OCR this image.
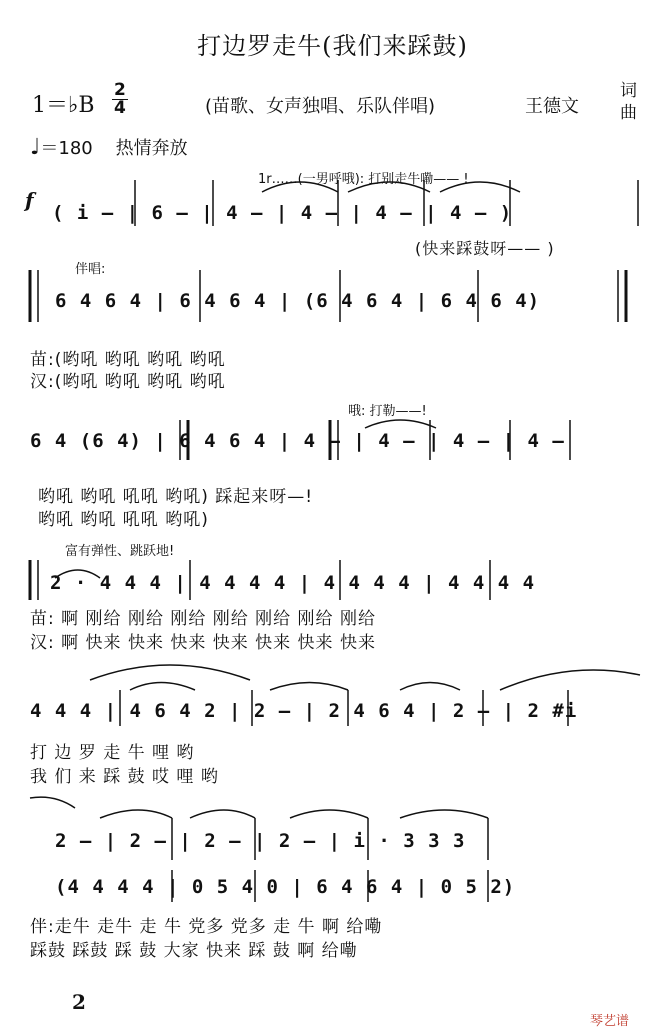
打边罗走牛(我们来踩鼓)
1＝♭B
2
4	(苗歌、女声独唱、乐队伴唱)	王德文
词
曲
♩＝180 热情奔放
f
1r……(一男呼哦): 打别走牛嘞—— !
( i — | 6 — | 4 — | 4 — | 4 — | 4 — )
(快来踩鼓呀—— )
伴唱:
6 4 6 4 | 6 4 6 4 | (6 4 6 4 | 6 4 6 4)
苗:(哟吼 哟吼 哟吼 哟吼
汉:(哟吼 哟吼 哟吼 哟吼
哦: 打勒——!
6 4 (6 4) | 6 4 6 4 | 4 — | 4 — | 4 — | 4 —
哟吼 哟吼 吼吼 哟吼) 踩起来呀—!
哟吼 哟吼 吼吼 哟吼)
富有弹性、跳跃地!
2 · 4 4 4 | 4 4 4 4 | 4 4 4 4 | 4 4 4 4
苗: 啊 刚给 刚给 刚给 刚给 刚给 刚给 刚给
汉: 啊 快来 快来 快来 快来 快来 快来 快来
4 4 4 | 4 6 4 2 | 2 — | 2 4 6 4 | 2 — | 2 #i
打 边 罗 走 牛 哩 哟
我 们 来 踩 鼓 哎 哩 哟
2 — | 2 — | 2 — | 2 — | i · 3 3 3
(4 4 4 4 | 0 5 4 0 | 6 4 6 4 | 0 5 2)
伴:走牛 走牛 走 牛 党多 党多 走 牛 啊 给嘞
踩鼓 踩鼓 踩 鼓 大家 快来 踩 鼓 啊 给嘞
2
琴艺谱
